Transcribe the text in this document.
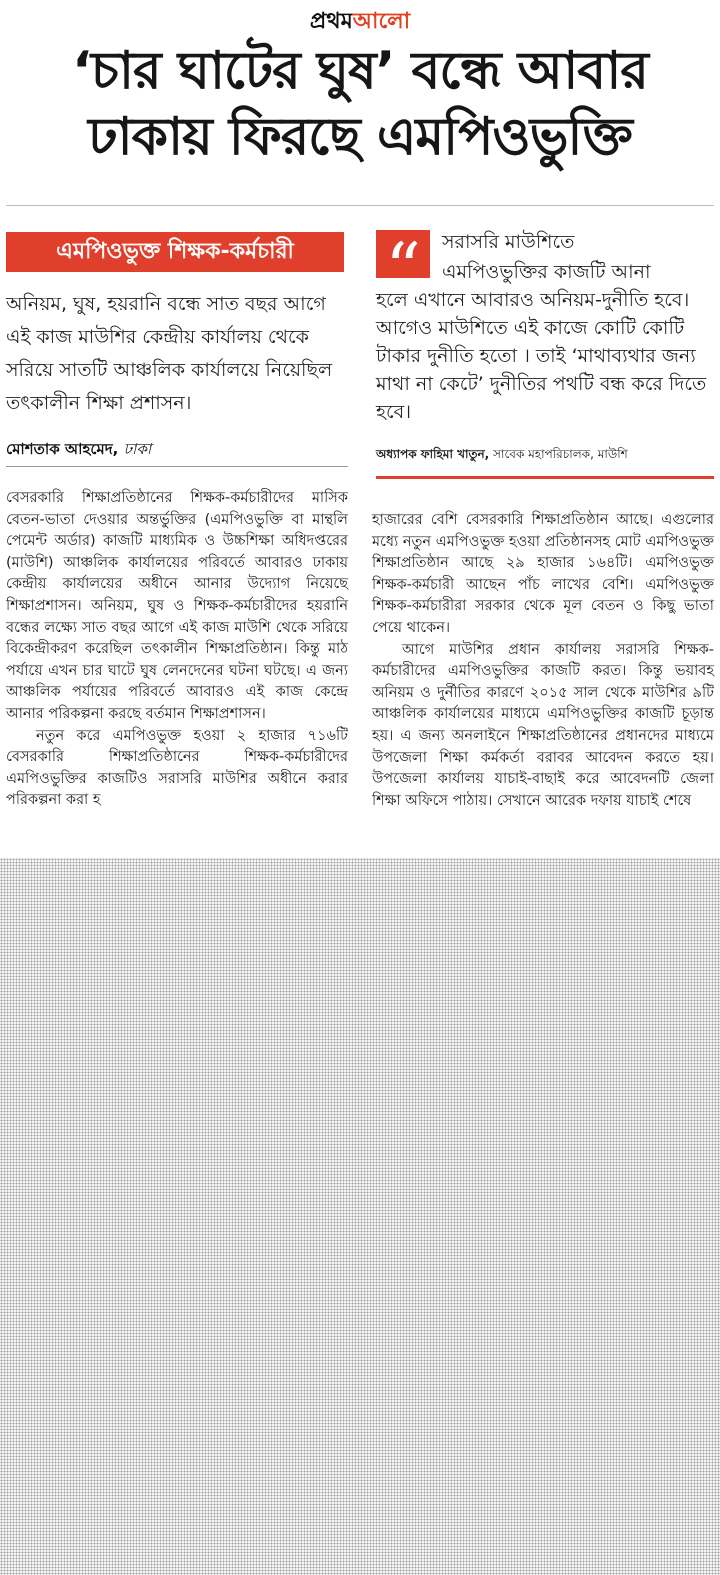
প্রথমআলো
‘চার ঘাটের ঘুষ’ বন্ধে আবার ঢাকায় ফিরছে এমপিওভুক্তি
এমপিওভুক্ত শিক্ষক-কর্মচারী
অনিয়ম, ঘুষ, হয়রানি বন্ধে সাত বছর আগে এই কাজ মাউশির কেন্দ্রীয় কার্যালয় থেকে সরিয়ে সাতটি আঞ্চলিক কার্যালয়ে নিয়েছিল তৎকালীন শিক্ষা প্রশাসন।
মোশতাক আহমেদ, ঢাকা
“	সরাসরি মাউশিতে
এমপিওভুক্তির কাজটি আনা
হলে এখানে আবারও অনিয়ম-দুনীতি হবে। আগেও মাউশিতে এই কাজে কোটি কোটি টাকার দুনীতি হতো । তাই ‘মাথাব্যথার জন্য মাথা না কেটে’ দুনীতির পথটি বন্ধ করে দিতে হবে।
অধ্যাপক ফাহিমা খাতুন, সাবেক মহাপরিচালক, মাউশি

বেসরকারি শিক্ষাপ্রতিষ্ঠানের শিক্ষক-কর্মচারীদের মাসিক বেতন-ভাতা দেওয়ার অন্তর্ভুক্তির (এমপিওভুক্তি বা মান্থলি পেমেন্ট অর্ডার) কাজটি মাধ্যমিক ও উচ্চশিক্ষা অধিদপ্তরের (মাউশি) আঞ্চলিক কার্যালয়ের পরিবর্তে আবারও ঢাকায় কেন্দ্রীয় কার্যালয়ের অধীনে আনার উদ্যোগ নিয়েছে শিক্ষাপ্রশাসন। অনিয়ম, ঘুষ ও শিক্ষক-কর্মচারীদের হয়রানি বন্ধের লক্ষ্যে সাত বছর আগে এই কাজ মাউশি থেকে সরিয়ে বিকেন্দ্রীকরণ করেছিল তৎকালীন শিক্ষাপ্রতিষ্ঠান। কিন্তু মাঠ পর্যায়ে এখন চার ঘাটে ঘুষ লেনদেনের ঘটনা ঘটছে। এ জন্য আঞ্চলিক পর্যায়ের পরিবর্তে আবারও এই কাজ কেন্দ্রে আনার পরিকল্পনা করছে বর্তমান শিক্ষাপ্রশাসন।

নতুন করে এমপিওভুক্ত হওয়া ২ হাজার ৭১৬টি বেসরকারি শিক্ষাপ্রতিষ্ঠানের শিক্ষক-কর্মচারীদের এমপিওভুক্তির কাজটিও সরাসরি মাউশির অধীনে করার পরিকল্পনা করা হ

হাজারের বেশি বেসরকারি শিক্ষাপ্রতিষ্ঠান আছে। এগুলোর মধ্যে নতুন এমপিওভুক্ত হওয়া প্রতিষ্ঠানসহ মোট এমপিওভুক্ত শিক্ষাপ্রতিষ্ঠান আছে ২৯ হাজার ১৬৪টি। এমপিওভুক্ত শিক্ষক-কর্মচারী আছেন পাঁচ লাখের বেশি। এমপিওভুক্ত শিক্ষক-কর্মচারীরা সরকার থেকে মূল বেতন ও কিছু ভাতা পেয়ে থাকেন।

আগে মাউশির প্রধান কার্যালয় সরাসরি শিক্ষক-কর্মচারীদের এমপিওভুক্তির কাজটি করত। কিন্তু ভয়াবহ অনিয়ম ও দুর্নীতির কারণে ২০১৫ সাল থেকে মাউশির ৯টি আঞ্চলিক কার্যালয়ের মাধ্যমে এমপিওভুক্তির কাজটি চূড়ান্ত হয়। এ জন্য অনলাইনে শিক্ষাপ্রতিষ্ঠানের প্রধানদের মাধ্যমে উপজেলা শিক্ষা কর্মকর্তা বরাবর আবেদন করতে হয়। উপজেলা কার্যালয় যাচাই-বাছাই করে আবেদনটি জেলা শিক্ষা অফিসে পাঠায়। সেখানে আরেক দফায় যাচাই শেষে
